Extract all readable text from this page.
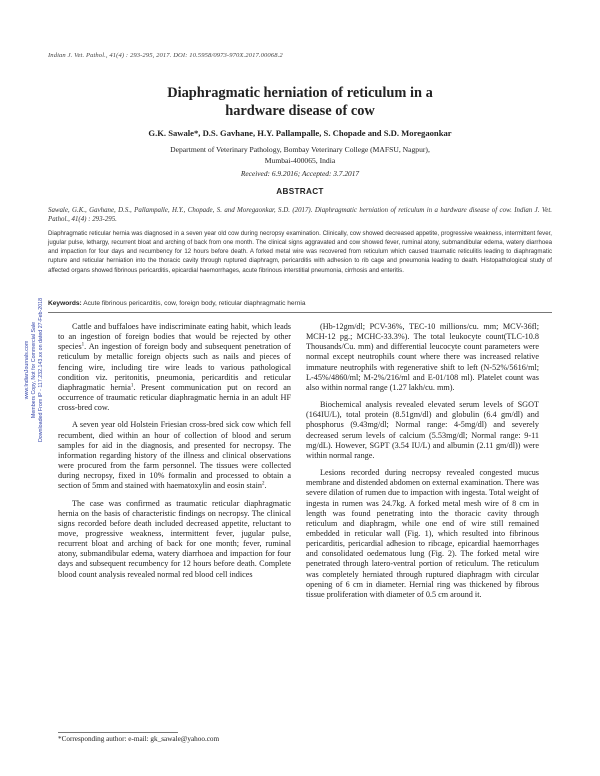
Indian J. Vet. Pathol., 41(4) : 293-295, 2017. DOI: 10.5958/0973-970X.2017.00068.2
Diaphragmatic herniation of reticulum in a
hardware disease of cow
G.K. Sawale*, D.S. Gavhane, H.Y. Pallampalle, S. Chopade and S.D. Moregaonkar
Department of Veterinary Pathology, Bombay Veterinary College (MAFSU, Nagpur),
Mumbai-400065, India
Received: 6.9.2016; Accepted: 3.7.2017
ABSTRACT
Sawale, G.K., Gavhane, D.S., Pallampalle, H.Y., Chopade, S. and Moregaonkar, S.D. (2017). Diaphragmatic herniation of reticulum in a hardware disease of cow. Indian J. Vet. Pathol., 41(4) : 293-295.
Diaphragmatic reticular hernia was diagnosed in a seven year old cow during necropsy examination. Clinically, cow showed decreased appetite, progressive weakness, intermittent fever, jugular pulse, lethargy, recurrent bloat and arching of back from one month. The clinical signs aggravated and cow showed fever, ruminal atony, submandibular edema, watery diarrhoea and impaction for four days and recumbency for 12 hours before death. A forked metal wire was recovered from reticulum which caused traumatic reticulitis leading to diaphragmatic rupture and reticular herniation into the thoracic cavity through ruptured diaphragm, pericarditis with adhesion to rib cage and pneumonia leading to death. Histopathological study of affected organs showed fibrinous pericarditis, epicardial haemorrhages, acute fibrinous interstitial pneumonia, cirrhosis and enteritis.
Keywords: Acute fibrinous pericarditis, cow, foreign body, reticular diaphragmatic hernia

Cattle and buffaloes have indiscriminate eating habit, which leads to an ingestion of foreign bodies that would be rejected by other species$^1$. An ingestion of foreign body and subsequent penetration of reticulum by metallic foreign objects such as nails and pieces of fencing wire, including tire wire leads to various pathological condition viz. peritonitis, pneumonia, pericarditis and reticular diaphragmatic hernia$^1$. Present communication put on record an occurrence of traumatic reticular diaphragmatic hernia in an adult HF cross-bred cow.

A seven year old Holstein Friesian cross-bred sick cow which fell recumbent, died within an hour of collection of blood and serum samples for aid in the diagnosis, and presented for necropsy. The information regarding history of the illness and clinical observations were procured from the farm personnel. The tissues were collected during necropsy, fixed in 10% formalin and processed to obtain a section of 5mm and stained with haematoxylin and eosin stain$^2$.

The case was confirmed as traumatic reticular diaphragmatic hernia on the basis of characteristic findings on necropsy. The clinical signs recorded before death included decreased appetite, reluctant to move, progressive weakness, intermittent fever, jugular pulse, recurrent bloat and arching of back for one month; fever, ruminal atony, submandibular edema, watery diarrhoea and impaction for four days and subsequent recumbency for 12 hours before death. Complete blood count analysis revealed normal red blood cell indices

(Hb-12gm/dl; PCV-36%, TEC-10 millions/cu. mm; MCV-36fl; MCH-12 pg.; MCHC-33.3%). The total leukocyte count(TLC-10.8 Thousands/Cu. mm) and differential leucocyte count parameters were normal except neutrophils count where there was increased relative immature neutrophils with regenerative shift to left (N-52%/5616/ml; L-45%/4860/ml; M-2%/216/ml and E-01/108 ml). Platelet count was also within normal range (1.27 lakh/cu. mm).

Biochemical analysis revealed elevated serum levels of SGOT (164IU/L), total protein (8.51gm/dl) and globulin (6.4 gm/dl) and phosphorus (9.43mg/dl; Normal range: 4-5mg/dl) and severely decreased serum levels of calcium (5.53mg/dl; Normal range: 9-11 mg/dL). However, SGPT (3.54 IU/L) and albumin (2.11 gm/dl)) were within normal range.

Lesions recorded during necropsy revealed congested mucus membrane and distended abdomen on external examination. There was severe dilation of rumen due to impaction with ingesta. Total weight of ingesta in rumen was 24.7kg. A forked metal mesh wire of 8 cm in length was found penetrating into the thoracic cavity through reticulum and diaphragm, while one end of wire still remained embedded in reticular wall (Fig. 1), which resulted into fibrinous pericarditis, pericardial adhesion to ribcage, epicardial haemorrhages and consolidated oedematous lung (Fig. 2). The forked metal wire penetrated through latero-ventral portion of reticulum. The reticulum was completely herniated through ruptured diaphragm with circular opening of 6 cm in diameter. Hernial ring was thickened by fibrous tissue proliferation with diameter of 0.5 cm around it.

*Corresponding author: e-mail: gk_sawale@yahoo.com
www.IndianJournals.com Members Copy, Not for Commercial Sale Downloaded From IP - 117.232.143.xx on dated 27-Feb-2018
